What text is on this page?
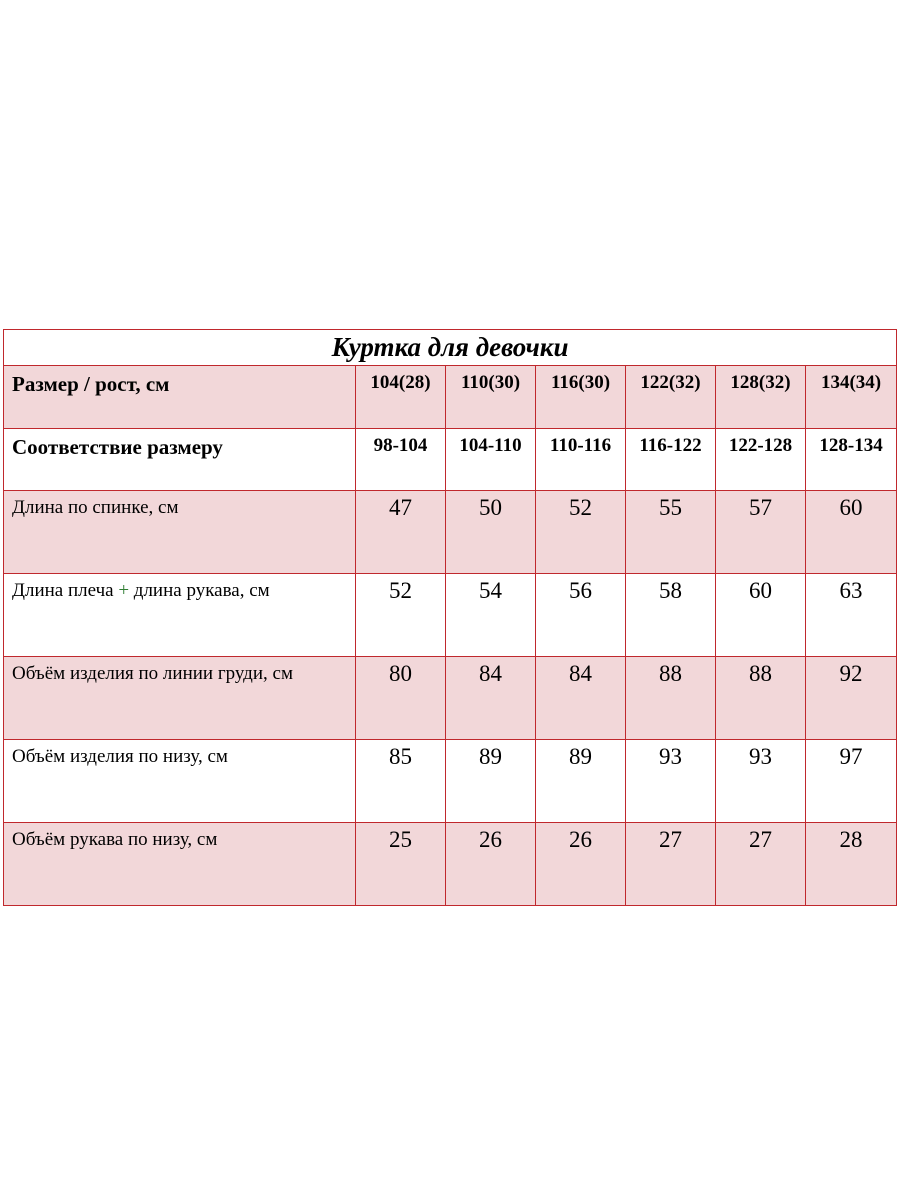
Куртка для девочки						
Размер / рост, см	104(28)	110(30)	116(30)	122(32)	128(32)	134(34)
Соответствие размеру	98-104	104-110	110-116	116-122	122-128	128-134
Длина по спинке, см	47	50	52	55	57	60
Длина плеча + длина рукава, см	52	54	56	58	60	63
Объём изделия по линии груди, см	80	84	84	88	88	92
Объём изделия по низу, см	85	89	89	93	93	97
Объём рукава по низу, см	25	26	26	27	27	28
